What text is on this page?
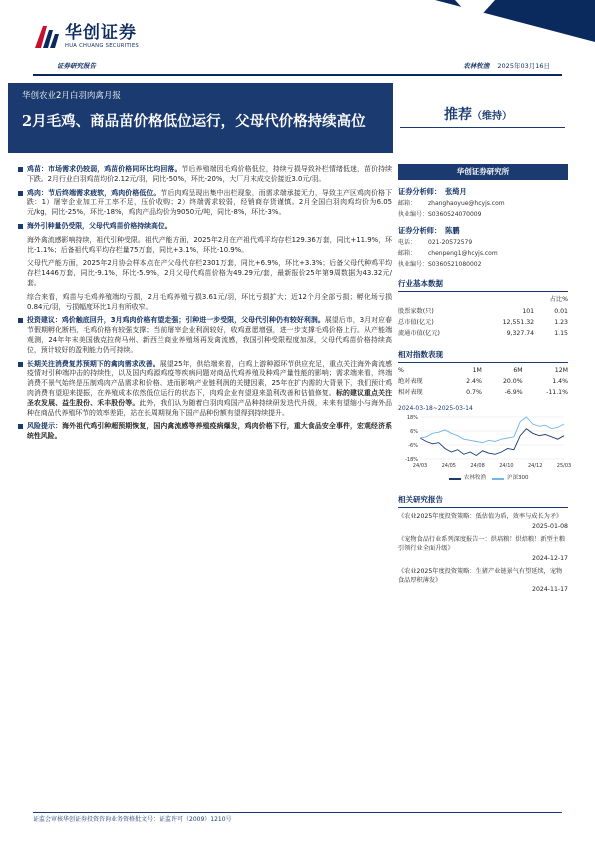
华创证券
HUA CHUANG SECURITIES
证券研究报告	农林牧渔 2025年03月16日
华创农业2月白羽肉禽月报
2月毛鸡、商品苗价格低位运行，父母代价格持续高位	推荐（维持）
鸡苗：市场需求仍较弱，鸡苗价格同环比均回落。节后养殖端因毛鸡价格低位，持续亏损导致补栏情绪低迷，苗价持续下跌。2月行业白羽鸡苗均价2.12元/羽，同比-50%，环比-20%，大厂月末成交价接近3.0元/羽。
鸡肉：节后终端需求疲软，鸡肉价格低位。节后肉鸡呈现出集中出栏现象，而需求端承接无力，导致主产区鸡肉价格下跌：1）屠宰企业加工开工率不足，压价收购；2）终端需求较弱，经销商存货谨慎。2月全国白羽肉鸡均价为6.05元/kg，同比-25%，环比-18%，鸡肉产品均价为9050元/吨，同比-8%，环比-3%。
海外引种量仍受限，父母代鸡苗价格持续高位。
海外禽流感影响持续，祖代引种受限。祖代产能方面，2025年2月在产祖代鸡平均存栏129.36万套，同比+11.9%，环比-1.1%；后备祖代鸡平均存栏量75万套，同比+3.1%，环比-10.9%。
父母代产能方面，2025年2月协会样本点在产父母代存栏2301万套，同比+6.9%，环比+3.3%；后备父母代种鸡平均存栏1446万套，同比-9.1%，环比-5.9%，2月父母代鸡苗价格为49.29元/套，最新报价25年第9周数据为43.32元/套。
综合来看，鸡苗与毛鸡养殖端均亏损，2月毛鸡养殖亏损3.61元/羽，环比亏损扩大；近12个月全部亏损；孵化场亏损0.84元/羽，亏损幅度环比1月有所收窄。
投资建议：鸡价触底回升，3月鸡肉价格有望走强；引种进一步受限，父母代引种仍有较好利润。展望后市，3月对应春节假期孵化断档，毛鸡价格有较强支撑；当前屠宰企业利润较好，收鸡意愿增强，进一步支撑毛鸡价格上行。从产能端观测，24年年末美国俄克拉荷马州、新西兰商业养殖场再发禽流感，我国引种受限程度加深，父母代鸡苗价格持续高位，预计较好的盈利能力仍可持续。
长期关注消费复苏预期下的禽肉需求改善。展望25年，供给端来看，白鸡上游种源环节供应充足，重点关注海外禽流感疫情对引种端冲击的持续性，以及国内鸡源鸡疫等疾病问题对商品代鸡养殖及种鸡产量性能的影响；需求端来看，终端消费不景气始终是压制鸡肉产品需求和价格、进而影响产业链利润的关键因素，25年在扩内需的大背景下，我们预计鸡肉消费有望迎来提振，在养殖成本依然低位运行的状态下，肉鸡企业有望迎来盈利改善和估值修复。标的建议重点关注圣农发展、益生股份、禾丰股份等。此外，我们认为随着白羽肉鸡国产品种持续研发迭代升级，未来有望缩小与海外品种在商品代养殖环节的效率差距，站在长周期视角下国产品种份额有望得到持续提升。
风险提示：海外祖代鸡引种超预期恢复，国内禽流感等养殖疫病爆发，鸡肉价格下行，重大食品安全事件，宏观经济系统性风险。
华创证券研究所
证券分析师： 张绮月
邮箱： zhanghaoyue@hcyjs.com
执业编号：S0360524070009
证券分析师： 陈鹏
电话： 021-20572579
邮箱： chenpeng1@hcyjs.com
执业编号：S0360521080002
行业基本数据
		占比%
股票家数(只)	101	0.01
总市值(亿元)	12,551.32	1.23
流通市值(亿元)	9,327.74	1.15
相对指数表现
%	1M	6M	12M
绝对表现	2.4%	20.0%	1.4%
相对表现	0.7%	-6.9%	-11.1%
2024-03-18~2025-03-14
18%
6%
-6%
-18%
24/03	24/05	24/08	24/10	24/12	25/03
农林牧渔	沪深300
相关研究报告
《农业2025年度投资策略：低估值为盾，效率与成长为矛》
2025-01-08
《宠物食品行业系列深度报告一：烘培粮！烘焙粮！新型主粮引领行业全面升级》
2024-12-17
《农业2025年度投资策略：生猪产业链景气有望延续，宠物食品厚积薄发》
2024-11-17
证监会审核华创证券投资咨询业务资格批文号：证监许可（2009）1210号
